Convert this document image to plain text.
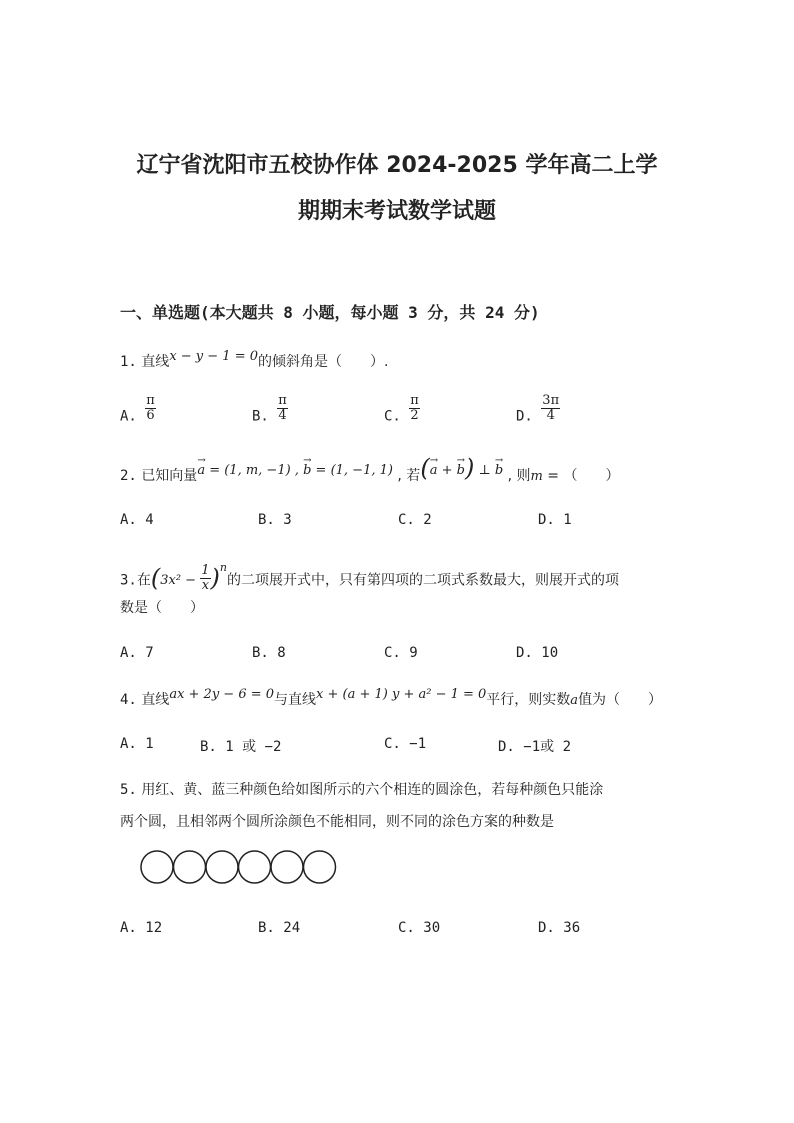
辽宁省沈阳市五校协作体 2024-2025 学年高二上学
期期末考试数学试题
一、单选题(本大题共 8 小题，每小题 3 分，共 24 分)
1. 直线x − y − 1 = 0的倾斜角是（　　）.
A. $\frac{\pi}{6}$	B. $\frac{\pi}{4}$	C. $\frac{\pi}{2}$	D. $\frac{3\pi}{4}$
2. 已知向量
→
a = (1, m, −1) ,
→
b = (1, −1, 1) , 若( →
a +
→
b) ⊥
→
b , 则m = （　　）
A. 4	B. 3	C. 2	D. 1
3.在$(3x^2 - \frac{1}{x} )^n$的二项展开式中，只有第四项的二项式系数最大，则展开式的项
数是（　　）
A. 7	B. 8	C. 9	D. 10
4. 直线ax + 2y − 6 = 0与直线x + (a + 1) y + a² − 1 = 0平行，则实数a值为（　　）
A. 1	B. 1 或 −2	C. −1	D. −1或 2
5. 用红、黄、蓝三种颜色给如图所示的六个相连的圆涂色，若每种颜色只能涂
两个圆，且相邻两个圆所涂颜色不能相同，则不同的涂色方案的种数是
A. 12	B. 24	C. 30	D. 36
